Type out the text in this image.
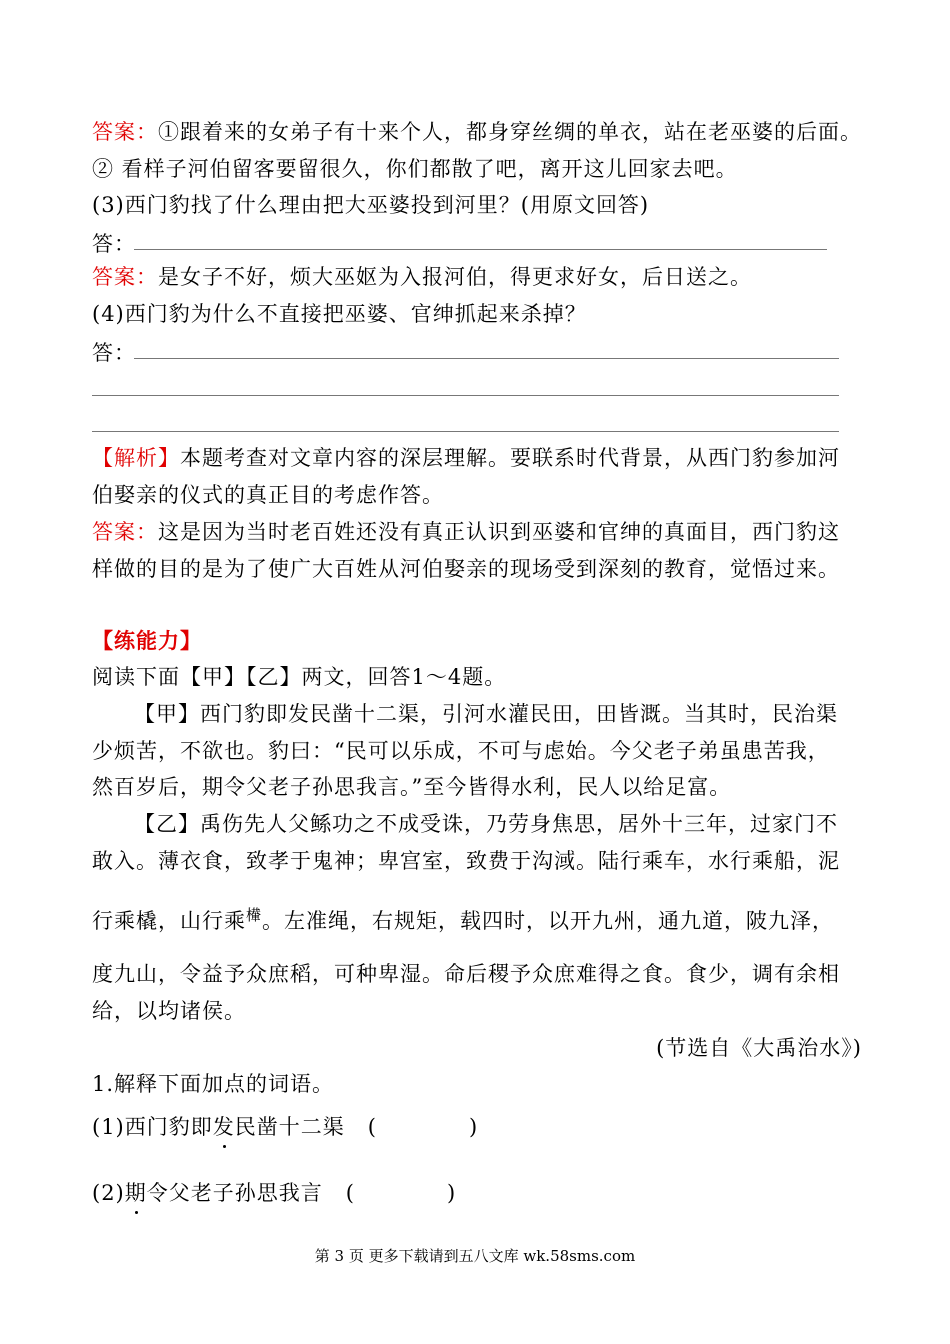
答案：①跟着来的女弟子有十来个人，都身穿丝绸的单衣，站在老巫婆的后面。
② 看样子河伯留客要留很久，你们都散了吧，离开这儿回家去吧。
(3)西门豹找了什么理由把大巫婆投到河里？(用原文回答)
答：
答案：是女子不好，烦大巫妪为入报河伯，得更求好女，后日送之。
(4)西门豹为什么不直接把巫婆、官绅抓起来杀掉？
答：
【解析】本题考查对文章内容的深层理解。要联系时代背景，从西门豹参加河
伯娶亲的仪式的真正目的考虑作答。
答案：这是因为当时老百姓还没有真正认识到巫婆和官绅的真面目，西门豹这
样做的目的是为了使广大百姓从河伯娶亲的现场受到深刻的教育，觉悟过来。
【练能力】
阅读下面【甲】【乙】两文，回答1～4题。
【甲】西门豹即发民凿十二渠，引河水灌民田，田皆溉。当其时，民治渠
少烦苦，不欲也。豹曰：“民可以乐成，不可与虑始。今父老子弟虽患苦我，
然百岁后，期令父老子孙思我言。”至今皆得水利，民人以给足富。
【乙】禹伤先人父鲧功之不成受诛，乃劳身焦思，居外十三年，过家门不
敢入。薄衣食，致孝于鬼神；卑宫室，致费于沟淢。陆行乘车，水行乘船，泥
行乘橇，山行乘$^檋$。左准绳，右规矩，载四时，以开九州，通九道，陂九泽，
度九山，令益予众庶稻，可种卑湿。命后稷予众庶难得之食。食少，调有余相
给，以均诸侯。
(节选自《大禹治水》)
1.解释下面加点的词语。
(1)西门豹即发民凿十二渠 (	)
(2)期令父老子孙思我言 (	)
第 3 页 更多下载请到五八文库 wk.58sms.com
